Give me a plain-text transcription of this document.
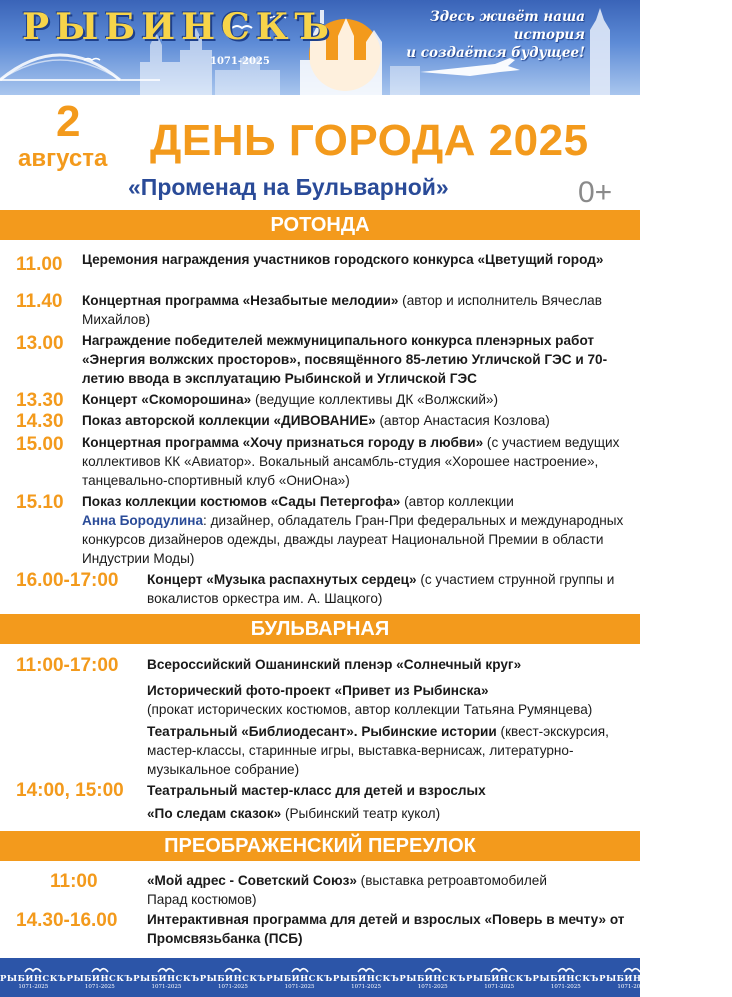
РЫБИНСКЪ
1071-2025
Здесь живёт наша история
и создаётся будущее!
2
августа ДЕНЬ ГОРОДА 2025
«Променад на Бульварной»	0+
РОТОНДА
11.00 Церемония награждения участников городского конкурса «Цветущий город»
11.40 Концертная программа «Незабытые мелодии» (автор и исполнитель Вячеслав Михайлов)
13.00 Награждение победителей межмуниципального конкурса пленэрных работ «Энергия волжских просторов», посвящённого 85-летию Угличской ГЭС и 70-летию ввода в эксплуатацию Рыбинской и Угличской ГЭС
13.30 Концерт «Скоморошина» (ведущие коллективы ДК «Волжский»)
14.30 Показ авторской коллекции «ДИВОВАНИЕ» (автор Анастасия Козлова)
15.00 Концертная программа «Хочу признаться городу в любви» (с участием ведущих коллективов КК «Авиатор». Вокальный ансамбль-студия «Хорошее настроение», танцевально-спортивный клуб «ОниОна»)
15.10 Показ коллекции костюмов «Сады Петергофа» (автор коллекции
Анна Бородулина: дизайнер, обладатель Гран-При федеральных и международных конкурсов дизайнеров одежды, дважды лауреат Национальной Премии в области Индустрии Моды)
16.00-17:00 Концерт «Музыка распахнутых сердец» (с участием струнной группы и вокалистов оркестра им. А. Шацкого)
БУЛЬВАРНАЯ
11:00-17:00 Всероссийский Ошанинский пленэр «Солнечный круг»
Исторический фото-проект «Привет из Рыбинска»
(прокат исторических костюмов, автор коллекции Татьяна Румянцева)
Театральный «Библиодесант». Рыбинские истории (квест-экскурсия, мастер-классы, старинные игры, выставка-вернисаж, литературно-музыкальное собрание)
14:00, 15:00 Театральный мастер-класс для детей и взрослых
«По следам сказок» (Рыбинский театр кукол)
ПРЕОБРАЖЕНСКИЙ ПЕРЕУЛОК
11:00	«Мой адрес - Советский Союз» (выставка ретроавтомобилей Парад костюмов)
14.30-16.00 Интерактивная программа для детей и взрослых «Поверь в мечту» от Промсвязьбанка (ПСБ)
РЫБИНСКЪ
1071-2025
РЫБИНСКЪ
1071-2025
РЫБИНСКЪ
1071-2025
РЫБИНСКЪ
1071-2025
РЫБИНСКЪ
1071-2025
РЫБИНСКЪ
1071-2025
РЫБИНСКЪ
1071-2025
РЫБИНСКЪ
1071-2025
РЫБИНСКЪ
1071-2025
РЫБИНСКЪ
1071-2025
РЫБИНСКЪ
1071-2025
